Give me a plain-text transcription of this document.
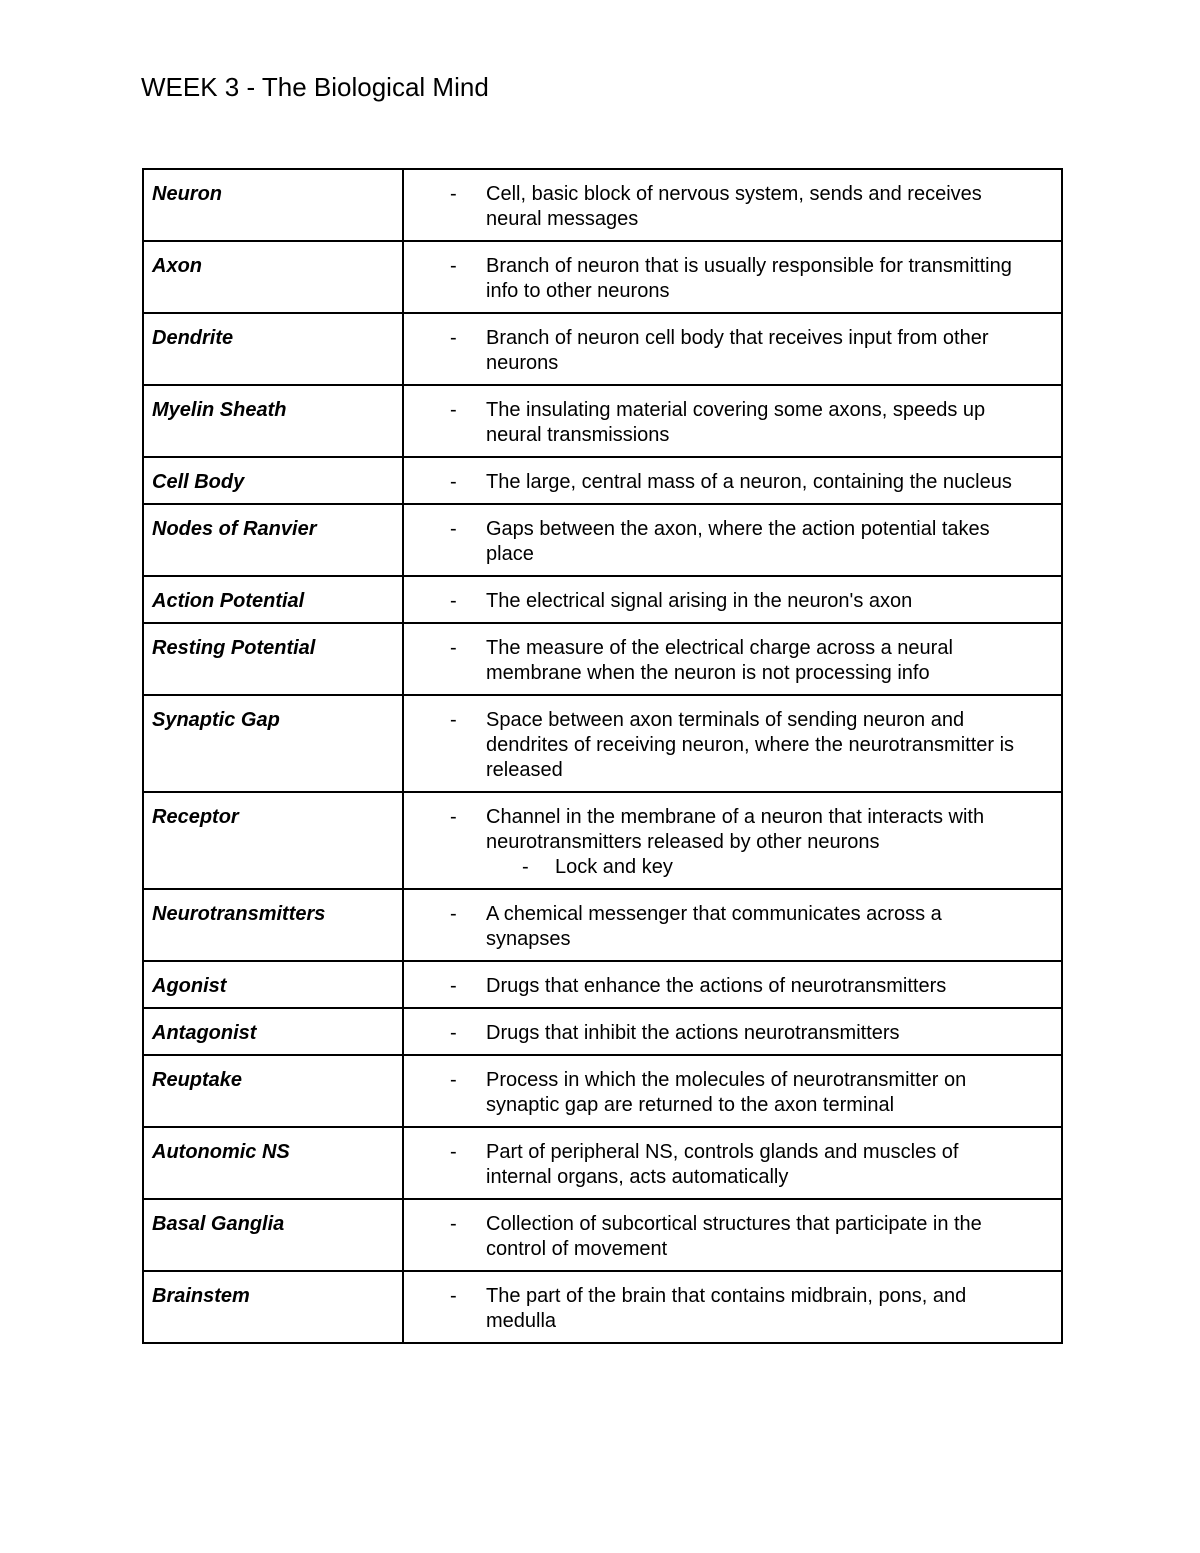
WEEK 3 - The Biological Mind
Neuron	- Cell, basic block of nervous system, sends and receives neural messages

Axon	- Branch of neuron that is usually responsible for transmitting info to other neurons

Dendrite	- Branch of neuron cell body that receives input from other neurons

Myelin Sheath	- The insulating material covering some axons, speeds up neural transmissions

Cell Body	- The large, central mass of a neuron, containing the nucleus

Nodes of Ranvier	- Gaps between the axon, where the action potential takes place

Action Potential	- The electrical signal arising in the neuron's axon

Resting Potential	- The measure of the electrical charge across a neural membrane when the neuron is not processing info

Synaptic Gap	- Space between axon terminals of sending neuron and dendrites of receiving neuron, where the neurotransmitter is released

Receptor	- Channel in the membrane of a neuron that interacts with neurotransmitters released by other neurons
- Lock and key

Neurotransmitters	- A chemical messenger that communicates across a synapses

Agonist	- Drugs that enhance the actions of neurotransmitters

Antagonist	- Drugs that inhibit the actions neurotransmitters

Reuptake	- Process in which the molecules of neurotransmitter on synaptic gap are returned to the axon terminal

Autonomic NS	- Part of peripheral NS, controls glands and muscles of internal organs, acts automatically

Basal Ganglia	- Collection of subcortical structures that participate in the control of movement

Brainstem	- The part of the brain that contains midbrain, pons, and medulla
